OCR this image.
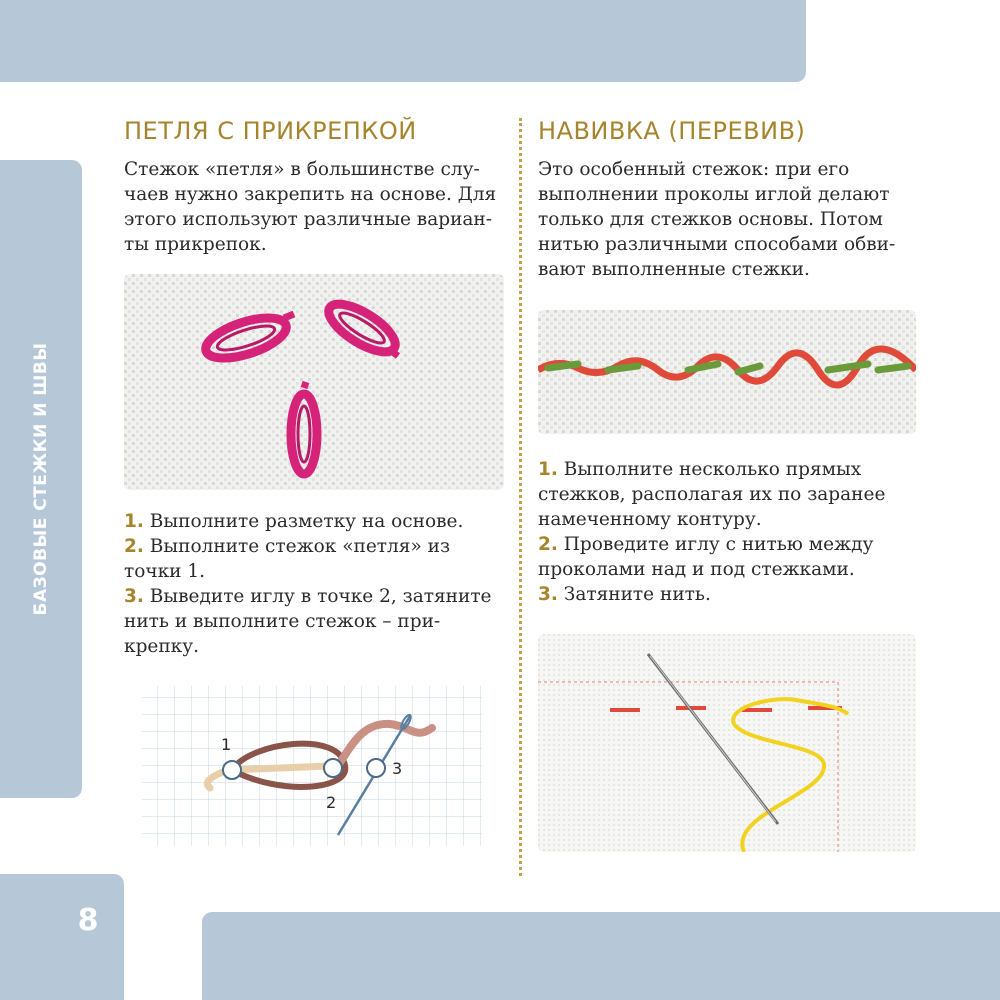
БАЗОВЫЕ СТЕЖКИ И ШВЫ
8
ПЕТЛЯ С ПРИКРЕПКОЙ

Стежок «петля» в большинстве слу-
чаев нужно закрепить на основе. Для
этого используют различные вариан-
ты прикрепок.

1. Выполните разметку на основе.
2. Выполните стежок «петля» из
точки 1.
3. Выведите иглу в точке 2, затяните
нить и выполните стежок – при-
крепку.
1
2
3
НАВИВКА (ПЕРЕВИВ)

Это особенный стежок: при его
выполнении проколы иглой делают
только для стежков основы. Потом
нитью различными способами обви-
вают выполненные стежки.

1. Выполните несколько прямых
стежков, располагая их по заранее
намеченному контуру.
2. Проведите иглу с нитью между
проколами над и под стежками.
3. Затяните нить.
